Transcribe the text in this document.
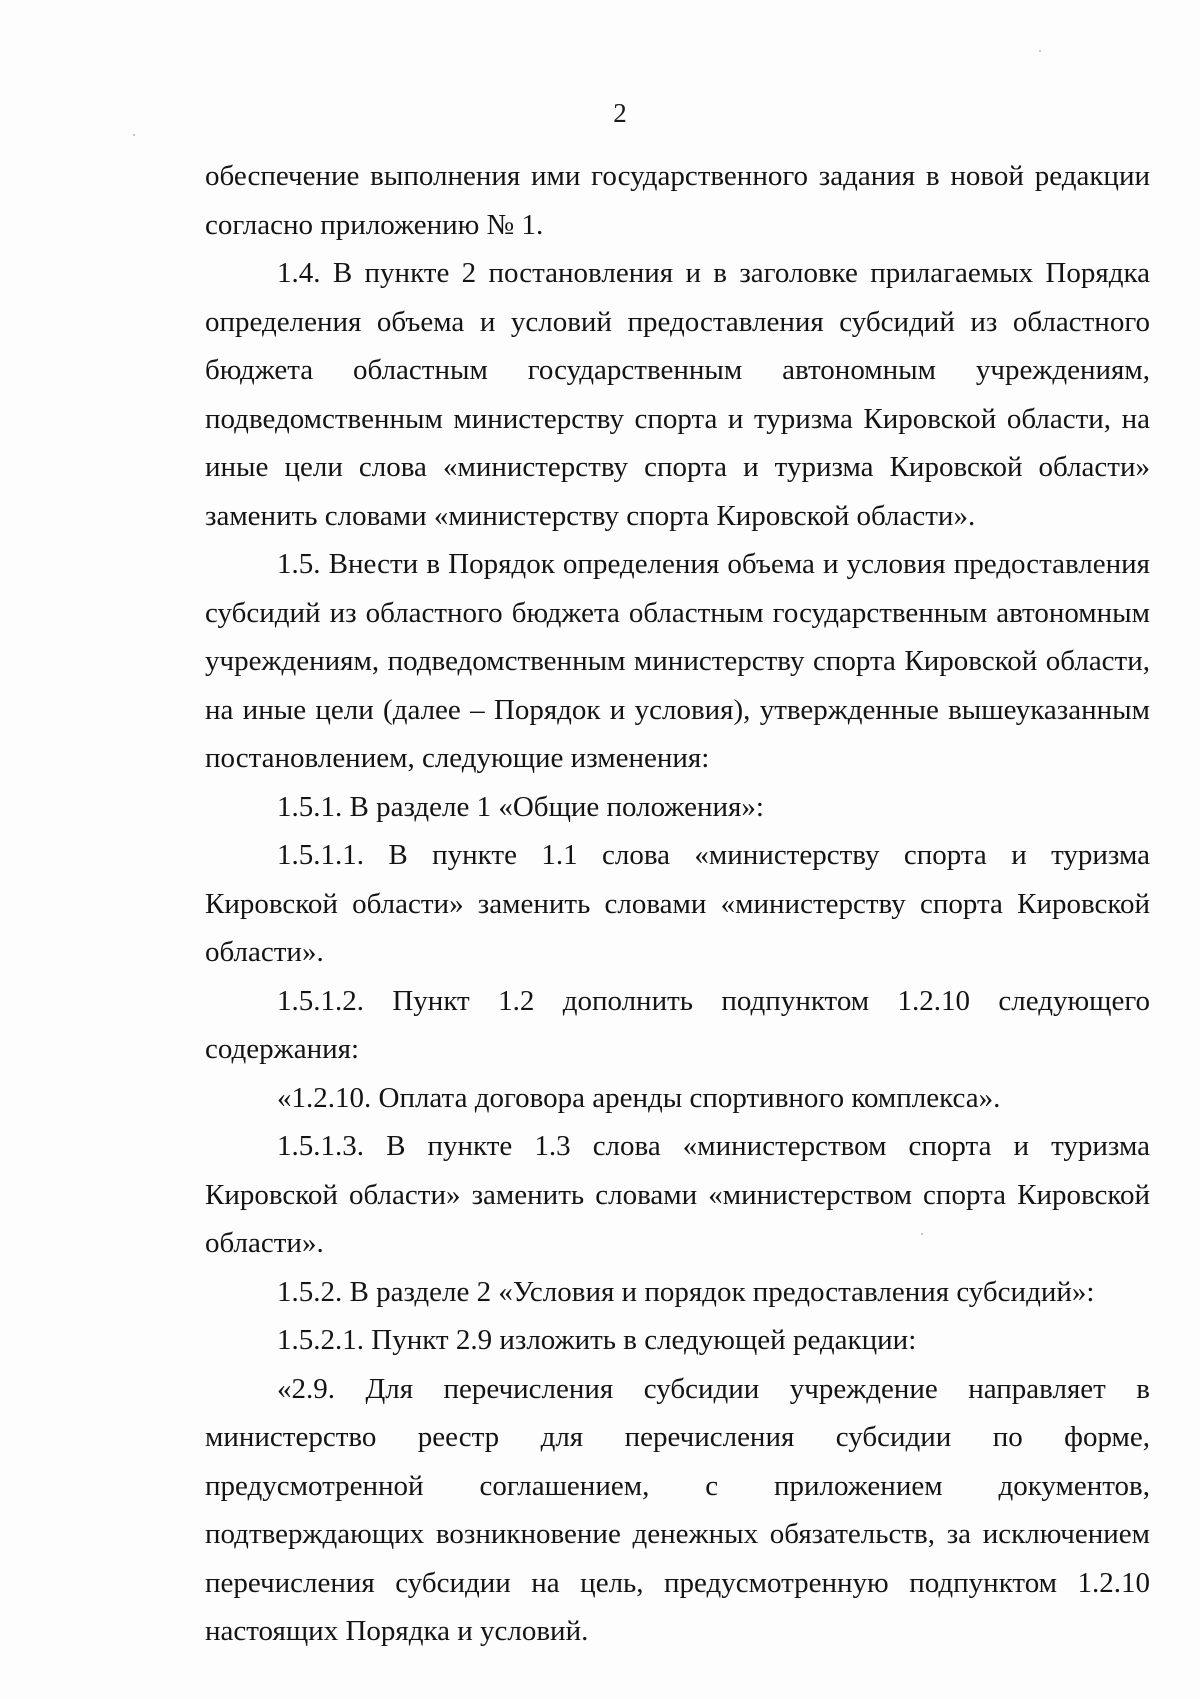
2

обеспечение выполнения ими государственного задания в новой редакции согласно приложению № 1.

1.4. В пункте 2 постановления и в заголовке прилагаемых Порядка определения объема и условий предоставления субсидий из областного бюджета областным государственным автономным учреждениям, подведомственным министерству спорта и туризма Кировской области, на иные цели слова «министерству спорта и туризма Кировской области» заменить словами «министерству спорта Кировской области».

1.5. Внести в Порядок определения объема и условия предоставления субсидий из областного бюджета областным государственным автономным учреждениям, подведомственным министерству спорта Кировской области, на иные цели (далее – Порядок и условия), утвержденные вышеуказанным постановлением, следующие изменения:

1.5.1. В разделе 1 «Общие положения»:

1.5.1.1. В пункте 1.1 слова «министерству спорта и туризма Кировской области» заменить словами «министерству спорта Кировской области».

1.5.1.2. Пункт 1.2 дополнить подпунктом 1.2.10 следующего содержания:

«1.2.10. Оплата договора аренды спортивного комплекса».

1.5.1.3. В пункте 1.3 слова «министерством спорта и туризма Кировской области» заменить словами «министерством спорта Кировской области».

1.5.2. В разделе 2 «Условия и порядок предоставления субсидий»:

1.5.2.1. Пункт 2.9 изложить в следующей редакции:

«2.9. Для перечисления субсидии учреждение направляет в министерство реестр для перечисления субсидии по форме, предусмотренной соглашением, с приложением документов, подтверждающих возникновение денежных обязательств, за исключением перечисления субсидии на цель, предусмотренную подпунктом 1.2.10 настоящих Порядка и условий.
